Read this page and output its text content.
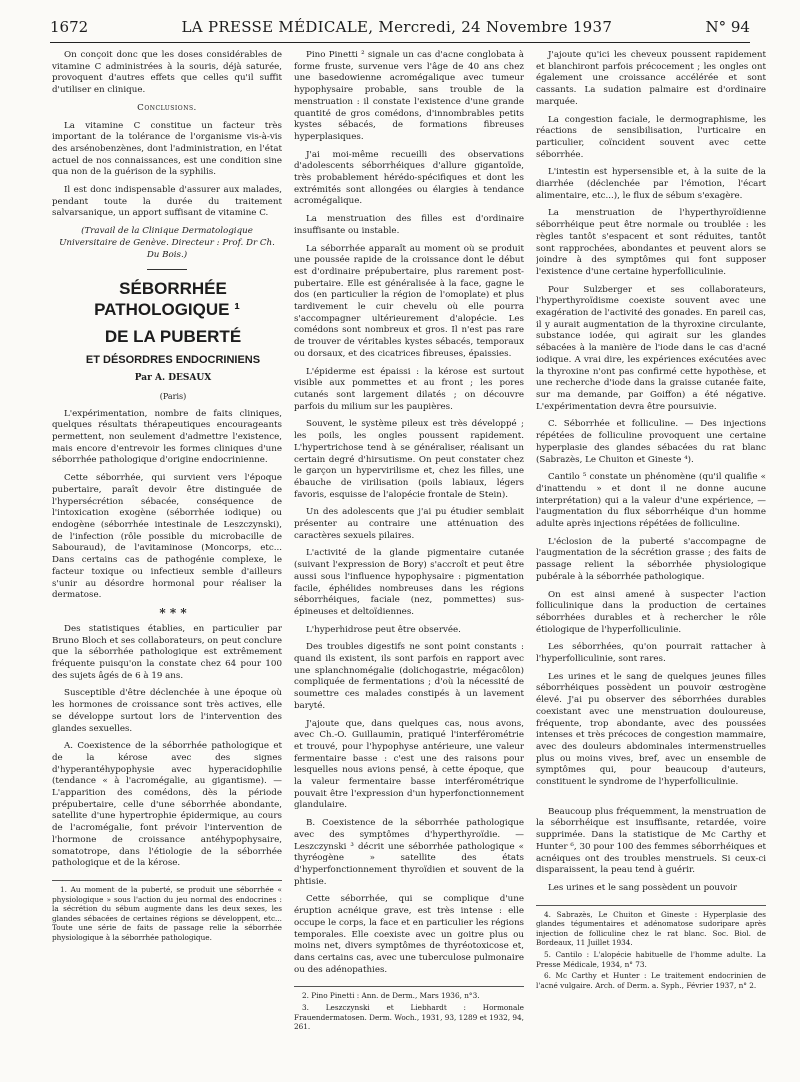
1672	LA PRESSE MÉDICALE, Mercredi, 24 Novembre 1937	N° 94

On conçoit donc que les doses considérables de vitamine C administrées à la souris, déjà saturée, provoquent d'autres effets que celles qu'il suffit d'utiliser en clinique.

Conclusions.

La vitamine C constitue un facteur très important de la tolérance de l'organisme vis-à-vis des arsénobenzènes, dont l'administration, en l'état actuel de nos connaissances, est une condition sine qua non de la guérison de la syphilis.

Il est donc indispensable d'assurer aux malades, pendant toute la durée du traitement salvarsanique, un apport suffisant de vitamine C.

(Travail de la Clinique Dermatologique Universitaire de Genève. Directeur : Prof. Dr Ch. Du Bois.)

SÉBORRHÉE PATHOLOGIQUE ¹

DE LA PUBERTÉ

ET DÉSORDRES ENDOCRINIENS

Par A. DESAUX

(Paris)

L'expérimentation, nombre de faits cliniques, quelques résultats thérapeutiques encourageants permettent, non seulement d'admettre l'existence, mais encore d'entrevoir les formes cliniques d'une séborrhée pathologique d'origine endocrinienne.

Cette séborrhée, qui survient vers l'époque pubertaire, paraît devoir être distinguée de l'hypersécrétion sébacée, conséquence de l'intoxication exogène (séborrhée iodique) ou endogène (séborrhée intestinale de Leszczynski), de l'infection (rôle possible du microbacille de Sabouraud), de l'avitaminose (Moncorps, etc... Dans certains cas de pathogénie complexe, le facteur toxique ou infectieux semble d'ailleurs s'unir au désordre hormonal pour réaliser la dermatose.

* * *

Des statistiques établies, en particulier par Bruno Bloch et ses collaborateurs, on peut conclure que la séborrhée pathologique est extrêmement fréquente puisqu'on la constate chez 64 pour 100 des sujets âgés de 6 à 19 ans.

Susceptible d'être déclenchée à une époque où les hormones de croissance sont très actives, elle se développe surtout lors de l'intervention des glandes sexuelles.

A. Coexistence de la séborrhée pathologique et de la kérose avec des signes d'hyperantéhypophysie avec hyperacidophilie (tendance « à l'acromégalie, au gigantisme). — L'apparition des comédons, dès la période prépubertaire, celle d'une séborrhée abondante, satellite d'une hypertrophie épidermique, au cours de l'acromégalie, font prévoir l'intervention de l'hormone de croissance antéhypophysaire, somatotrope, dans l'étiologie de la séborrhée pathologique et de la kérose.

1. Au moment de la puberté, se produit une séborrhée « physiologique » sous l'action du jeu normal des endocrines : la sécrétion du sébum augmente dans les deux sexes, les glandes sébacées de certaines régions se développent, etc... Toute une série de faits de passage relie la séborrhée physiologique à la séborrhée pathologique.

Pino Pinetti ² signale un cas d'acne conglobata à forme fruste, survenue vers l'âge de 40 ans chez une basedowienne acromégalique avec tumeur hypophysaire probable, sans trouble de la menstruation : il constate l'existence d'une grande quantité de gros comédons, d'innombrables petits kystes sébacés, de formations fibreuses hyperplasiques.

J'ai moi-même recueilli des observations d'adolescents séborrhéiques d'allure gigantoïde, très probablement hérédo-spécifiques et dont les extrémités sont allongées ou élargies à tendance acromégalique.

La menstruation des filles est d'ordinaire insuffisante ou instable.

La séborrhée apparaît au moment où se produit une poussée rapide de la croissance dont le début est d'ordinaire prépubertaire, plus rarement post-pubertaire. Elle est généralisée à la face, gagne le dos (en particulier la région de l'omoplate) et plus tardivement le cuir chevelu où elle pourra s'accompagner ultérieurement d'alopécie. Les comédons sont nombreux et gros. Il n'est pas rare de trouver de véritables kystes sébacés, temporaux ou dorsaux, et des cicatrices fibreuses, épaissies.

L'épiderme est épaissi : la kérose est surtout visible aux pommettes et au front ; les pores cutanés sont largement dilatés ; on découvre parfois du milium sur les paupières.

Souvent, le système pileux est très développé ; les poils, les ongles poussent rapidement. L'hypertrichose tend à se généraliser, réalisant un certain degré d'hirsutisme. On peut constater chez le garçon un hypervirilisme et, chez les filles, une ébauche de virilisation (poils labiaux, légers favoris, esquisse de l'alopécie frontale de Stein).

Un des adolescents que j'ai pu étudier semblait présenter au contraire une atténuation des caractères sexuels pilaires.

L'activité de la glande pigmentaire cutanée (suivant l'expression de Bory) s'accroît et peut être aussi sous l'influence hypophysaire : pigmentation facile, éphélides nombreuses dans les régions séborrhéiques, faciale (nez, pommettes) sus-épineuses et deltoïdiennes.

L'hyperhidrose peut être observée.

Des troubles digestifs ne sont point constants : quand ils existent, ils sont parfois en rapport avec une splanchnomégalie (dolichogastrie, mégacôlon) compliquée de fermentations ; d'où la nécessité de soumettre ces malades constipés à un lavement baryté.

J'ajoute que, dans quelques cas, nous avons, avec Ch.-O. Guillaumin, pratiqué l'interférométrie et trouvé, pour l'hypophyse antérieure, une valeur fermentaire basse : c'est une des raisons pour lesquelles nous avions pensé, à cette époque, que la valeur fermentaire basse interférométrique pouvait être l'expression d'un hyperfonctionnement glandulaire.

B. Coexistence de la séborrhée pathologique avec des symptômes d'hyperthyroïdie. — Leszczynski ³ décrit une séborrhée pathologique « thyréogène » satellite des états d'hyperfonctionnement thyroïdien et souvent de la phtisie.

Cette séborrhée, qui se complique d'une éruption acnéique grave, est très intense : elle occupe le corps, la face et en particulier les régions temporales. Elle coexiste avec un goitre plus ou moins net, divers symptômes de thyréotoxicose et, dans certains cas, avec une tuberculose pulmonaire ou des adénopathies.

2. Pino Pinetti : Ann. de Derm., Mars 1936, n°3.

3. Leszczynski et Liebhardt : Hormonale Frauendermatosen. Derm. Woch., 1931, 93, 1289 et 1932, 94, 261.

J'ajoute qu'ici les cheveux poussent rapidement et blanchiront parfois précocement ; les ongles ont également une croissance accélérée et sont cassants. La sudation palmaire est d'ordinaire marquée.

La congestion faciale, le dermographisme, les réactions de sensibilisation, l'urticaire en particulier, coïncident souvent avec cette séborrhée.

L'intestin est hypersensible et, à la suite de la diarrhée (déclenchée par l'émotion, l'écart alimentaire, etc...), le flux de sébum s'exagère.

La menstruation de l'hyperthyroïdienne séborrhéique peut être normale ou troublée : les règles tantôt s'espacent et sont réduites, tantôt sont rapprochées, abondantes et peuvent alors se joindre à des symptômes qui font supposer l'existence d'une certaine hyperfolliculinie.

Pour Sulzberger et ses collaborateurs, l'hyperthyroïdisme coexiste souvent avec une exagération de l'activité des gonades. En pareil cas, il y aurait augmentation de la thyroxine circulante, substance iodée, qui agirait sur les glandes sébacées à la manière de l'iode dans le cas d'acné iodique. A vrai dire, les expériences exécutées avec la thyroxine n'ont pas confirmé cette hypothèse, et une recherche d'iode dans la graisse cutanée faite, sur ma demande, par Goiffon) a été négative. L'expérimentation devra être poursuivie.

C. Séborrhée et folliculine. — Des injections répétées de folliculine provoquent une certaine hyperplasie des glandes sébacées du rat blanc (Sabrazès, Le Chuiton et Gineste ⁴).

Cantilo ⁵ constate un phénomène (qu'il qualifie « d'inattendu » et dont il ne donne aucune interprétation) qui a la valeur d'une expérience, — l'augmentation du flux séborrhéique d'un homme adulte après injections répétées de folliculine.

L'éclosion de la puberté s'accompagne de l'augmentation de la sécrétion grasse ; des faits de passage relient la séborrhée physiologique pubérale à la séborrhée pathologique.

On est ainsi amené à suspecter l'action folliculinique dans la production de certaines séborrhées durables et à rechercher le rôle étiologique de l'hyperfolliculinie.

Les séborrhées, qu'on pourrait rattacher à l'hyperfolliculinie, sont rares.

Les urines et le sang de quelques jeunes filles séborrhéiques possèdent un pouvoir œstrogène élevé. J'ai pu observer des séborrhées durables coexistant avec une menstruation douloureuse, fréquente, trop abondante, avec des poussées intenses et très précoces de congestion mammaire, avec des douleurs abdominales intermenstruelles plus ou moins vives, bref, avec un ensemble de symptômes qui, pour beaucoup d'auteurs, constituent le syndrome de l'hyperfolliculinie.

Beaucoup plus fréquemment, la menstruation de la séborrhéique est insuffisante, retardée, voire supprimée. Dans la statistique de Mc Carthy et Hunter ⁶, 30 pour 100 des femmes séborrhéiques et acnéiques ont des troubles menstruels. Si ceux-ci disparaissent, la peau tend à guérir.

Les urines et le sang possèdent un pouvoir

4. Sabrazès, Le Chuiton et Gineste : Hyperplasie des glandes tégumentaires et adénomatose sudoripare après injection de folliculine chez le rat blanc. Soc. Biol. de Bordeaux, 11 Juillet 1934.

5. Cantilo : L'alopécie habituelle de l'homme adulte. La Presse Médicale, 1934, n° 73.

6. Mc Carthy et Hunter : Le traitement endocrinien de l'acné vulgaire. Arch. of Derm. a. Syph., Février 1937, n° 2.
